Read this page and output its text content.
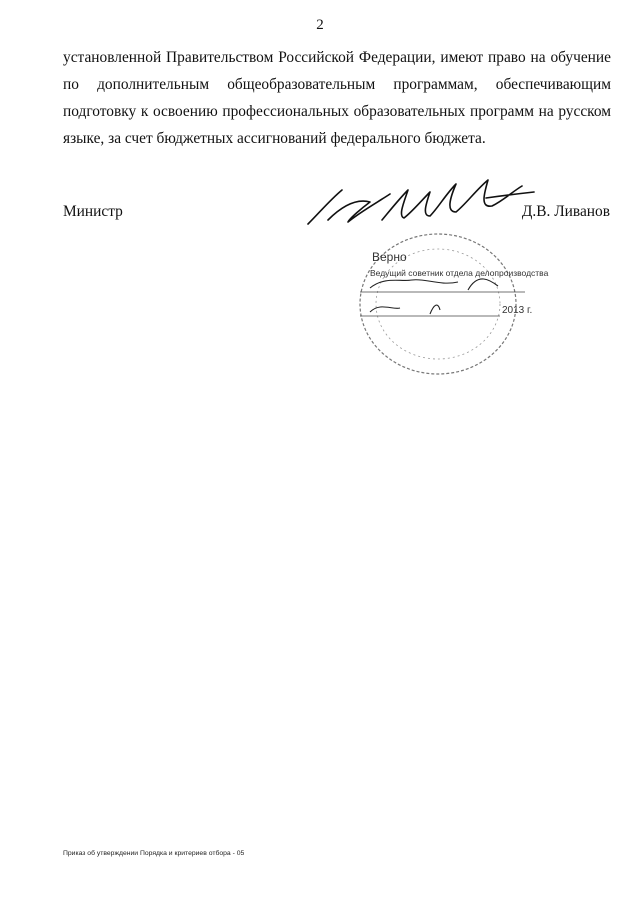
2
установленной Правительством Российской Федерации, имеют право на обучение
по дополнительным общеобразовательным программам, обеспечивающим
подготовку к освоению профессиональных образовательных программ на русском
языке, за счет бюджетных ассигнований федерального бюджета.
Министр	Д.В. Ливанов
Верно
Ведущий советник отдела делопроизводства
2013 г.
Приказ об утверждении Порядка и критериев отбора - 05
